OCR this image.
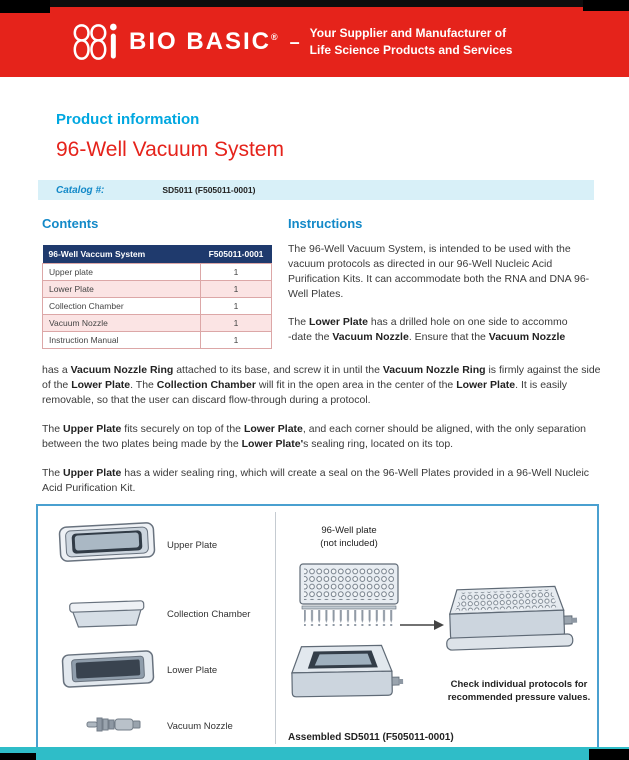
BIO BASIC® – Your Supplier and Manufacturer of
Life Science Products and Services
Product information
96-Well Vacuum System
Catalog #:	SD5011 (F505011-0001)
Contents
96-Well Vaccum System	F505011-0001
Upper plate	1
Lower Plate	1
Collection Chamber	1
Vacuum Nozzle	1
Instruction Manual	1
Instructions

The 96-Well Vacuum System, is intended to be used with the vacuum protocols as directed in our 96-Well Nucleic Acid Purification Kits. It can accommodate both the RNA and DNA 96-Well Plates.

The Lower Plate has a drilled hole on one side to accommo
-date the Vacuum Nozzle. Ensure that the Vacuum Nozzle

has a Vacuum Nozzle Ring attached to its base, and screw it in until the Vacuum Nozzle Ring is firmly against the side of the Lower Plate. The Collection Chamber will fit in the open area in the center of the Lower Plate. It is easily removable, so that the user can discard flow-through during a protocol.

The Upper Plate fits securely on top of the Lower Plate, and each corner should be aligned, with the only separation between the two plates being made by the Lower Plate's sealing ring, located on its top.

The Upper Plate has a wider sealing ring, which will create a seal on the 96-Well Plates provided in a 96-Well Nucleic Acid Purification Kit.

Upper Plate
Collection Chamber
Lower Plate
Vacuum Nozzle
96-Well plate
(not included)
Check individual protocols for recommended pressure values.
Assembled SD5011 (F505011-0001)
